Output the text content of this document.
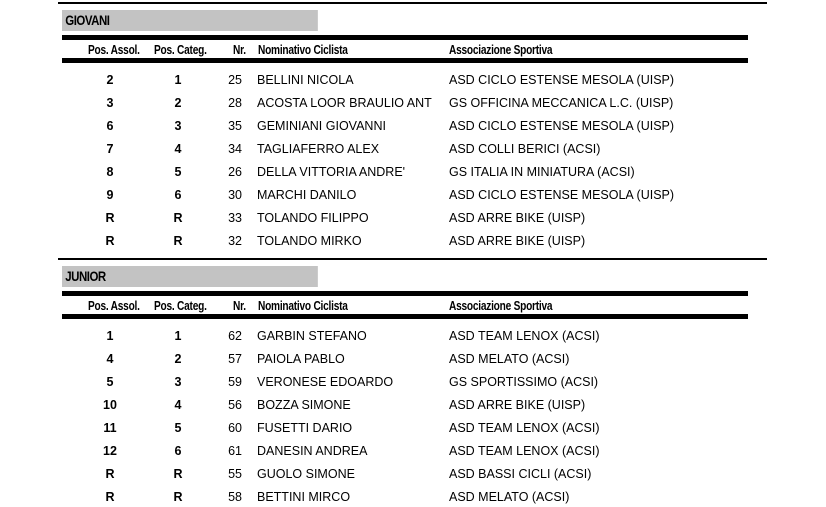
GIOVANI
Pos. Assol. Pos. Categ. Nr. Nominativo Ciclista	Associazione Sportiva
2	1	25 BELLINI NICOLA	ASD CICLO ESTENSE MESOLA (UISP)
3	2	28 ACOSTA LOOR BRAULIO ANT	GS OFFICINA MECCANICA L.C. (UISP)
6	3	35 GEMINIANI GIOVANNI	ASD CICLO ESTENSE MESOLA (UISP)
7	4	34 TAGLIAFERRO ALEX	ASD COLLI BERICI (ACSI)
8	5	26 DELLA VITTORIA ANDRE'	GS ITALIA IN MINIATURA (ACSI)
9	6	30 MARCHI DANILO	ASD CICLO ESTENSE MESOLA (UISP)
R	R	33 TOLANDO FILIPPO	ASD ARRE BIKE (UISP)
R	R	32 TOLANDO MIRKO	ASD ARRE BIKE (UISP)
JUNIOR
Pos. Assol. Pos. Categ. Nr. Nominativo Ciclista	Associazione Sportiva
1	1	62 GARBIN STEFANO	ASD TEAM LENOX (ACSI)
4	2	57 PAIOLA PABLO	ASD MELATO (ACSI)
5	3	59 VERONESE EDOARDO	GS SPORTISSIMO (ACSI)
10	4	56 BOZZA SIMONE	ASD ARRE BIKE (UISP)
11	5	60 FUSETTI DARIO	ASD TEAM LENOX (ACSI)
12	6	61 DANESIN ANDREA	ASD TEAM LENOX (ACSI)
R	R	55 GUOLO SIMONE	ASD BASSI CICLI (ACSI)
R	R	58 BETTINI MIRCO	ASD MELATO (ACSI)
